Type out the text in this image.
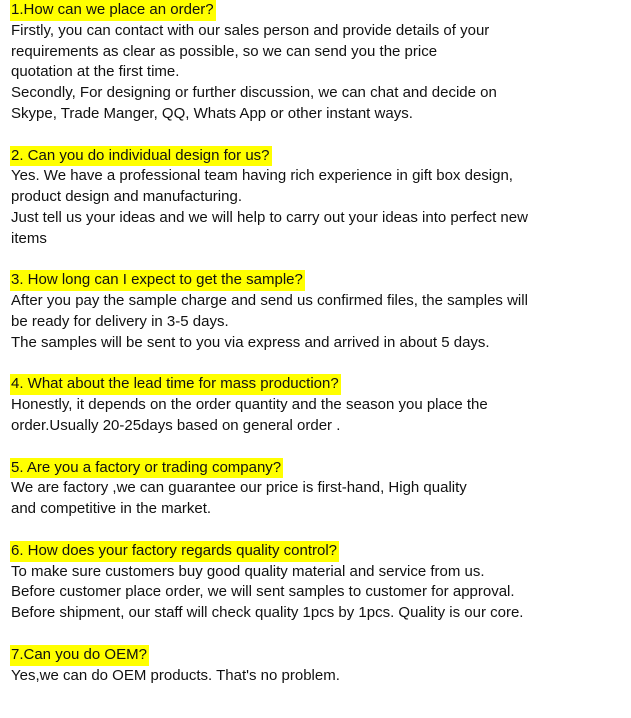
1.How can we place an order?
Firstly, you can contact with our sales person and provide details of your
requirements as clear as possible, so we can send you the price
quotation at the first time.
Secondly, For designing or further discussion, we can chat and decide on
Skype, Trade Manger, QQ, Whats App or other instant ways.
2. Can you do individual design for us?
Yes. We have a professional team having rich experience in gift box design,
product design and manufacturing.
Just tell us your ideas and we will help to carry out your ideas into perfect new
items
3. How long can I expect to get the sample?
After you pay the sample charge and send us confirmed files, the samples will
be ready for delivery in 3-5 days.
The samples will be sent to you via express and arrived in about 5 days.
4. What about the lead time for mass production?
Honestly, it depends on the order quantity and the season you place the
order.Usually 20-25days based on general order .
5. Are you a factory or trading company?
We are factory ,we can guarantee our price is first-hand, High quality
and competitive in the market.
6. How does your factory regards quality control?
To make sure customers buy good quality material and service from us.
Before customer place order, we will sent samples to customer for approval.
Before shipment, our staff will check quality 1pcs by 1pcs. Quality is our core.
7.Can you do OEM?
Yes,we can do OEM products. That's no problem.
